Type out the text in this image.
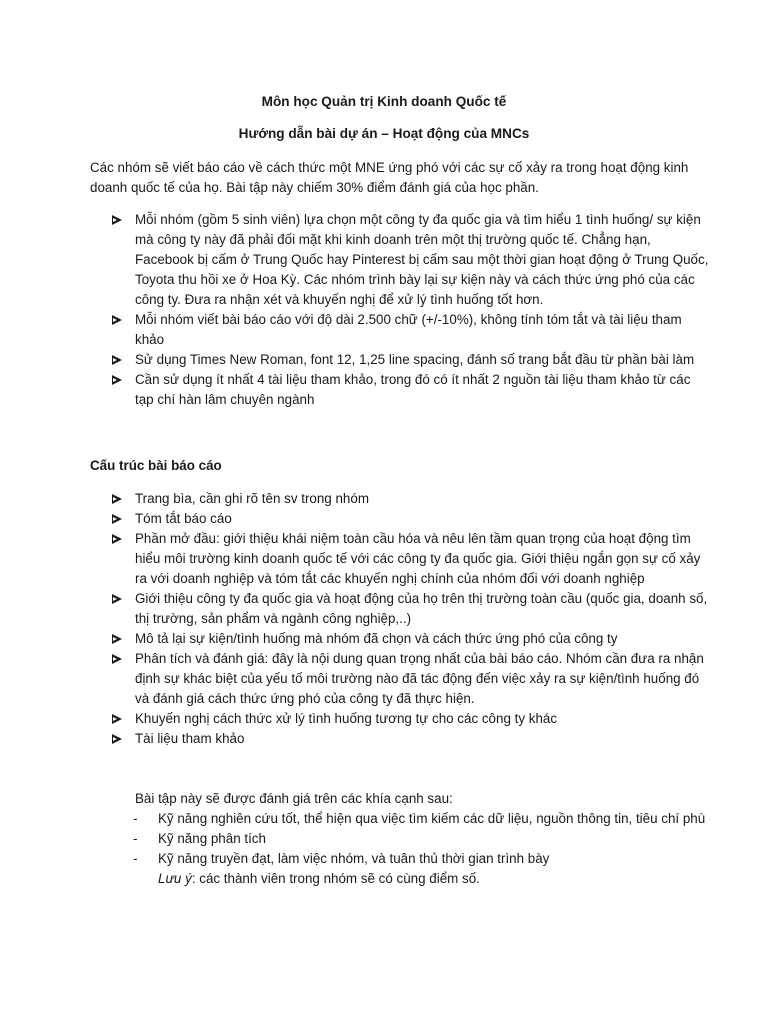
Môn học Quản trị Kinh doanh Quốc tế
Hướng dẫn bài dự án – Hoạt động của MNCs
Các nhóm sẽ viết báo cáo về cách thức một MNE ứng phó với các sự cố xảy ra trong hoạt động kinh
doanh quốc tế của họ. Bài tập này chiếm 30% điểm đánh giá của học phần.
Mỗi nhóm (gồm 5 sinh viên) lựa chọn một công ty đa quốc gia và tìm hiểu 1 tình huống/ sự kiện
mà công ty này đã phải đối mặt khi kinh doanh trên một thị trường quốc tế. Chẳng hạn,
Facebook bị cấm ở Trung Quốc hay Pinterest bị cấm sau một thời gian hoạt động ở Trung Quốc,
Toyota thu hồi xe ở Hoa Kỳ. Các nhóm trình bày lại sự kiện này và cách thức ứng phó của các
công ty. Đưa ra nhận xét và khuyến nghị để xử lý tình huống tốt hơn.
Mỗi nhóm viết bài báo cáo với độ dài 2.500 chữ (+/-10%), không tính tóm tắt và tài liệu tham
khảo
Sử dụng Times New Roman, font 12, 1,25 line spacing, đánh số trang bắt đầu từ phần bài làm
Cần sử dụng ít nhất 4 tài liệu tham khảo, trong đó có ít nhất 2 nguồn tài liệu tham khảo từ các
tạp chí hàn lâm chuyên ngành
Cấu trúc bài báo cáo
Trang bìa, cần ghi rõ tên sv trong nhóm
Tóm tắt báo cáo
Phần mở đầu: giới thiệu khái niệm toàn cầu hóa và nêu lên tầm quan trọng của hoạt động tìm
hiểu môi trường kinh doanh quốc tế với các công ty đa quốc gia. Giới thiệu ngắn gọn sự cố xảy
ra với doanh nghiệp và tóm tắt các khuyến nghị chính của nhóm đối với doanh nghiệp
Giới thiệu công ty đa quốc gia và hoạt động của họ trên thị trường toàn cầu (quốc gia, doanh số,
thị trường, sản phẩm và ngành công nghiệp,..)
Mô tả lại sự kiện/tình huống mà nhóm đã chọn và cách thức ứng phó của công ty
Phân tích và đánh giá: đây là nội dung quan trọng nhất của bài báo cáo. Nhóm cần đưa ra nhận
định sự khác biệt của yếu tố môi trường nào đã tác động đến việc xảy ra sự kiện/tình huống đó
và đánh giá cách thức ứng phó của công ty đã thực hiện.
Khuyến nghị cách thức xử lý tình huống tương tự cho các công ty khác
Tài liệu tham khảo
Bài tập này sẽ được đánh giá trên các khía cạnh sau:
- Kỹ năng nghiên cứu tốt, thể hiện qua việc tìm kiếm các dữ liệu, nguồn thông tin, tiêu chí phù
- Kỹ năng phân tích
- Kỹ năng truyền đạt, làm việc nhóm, và tuân thủ thời gian trình bày
Lưu ý: các thành viên trong nhóm sẽ có cùng điểm số.
